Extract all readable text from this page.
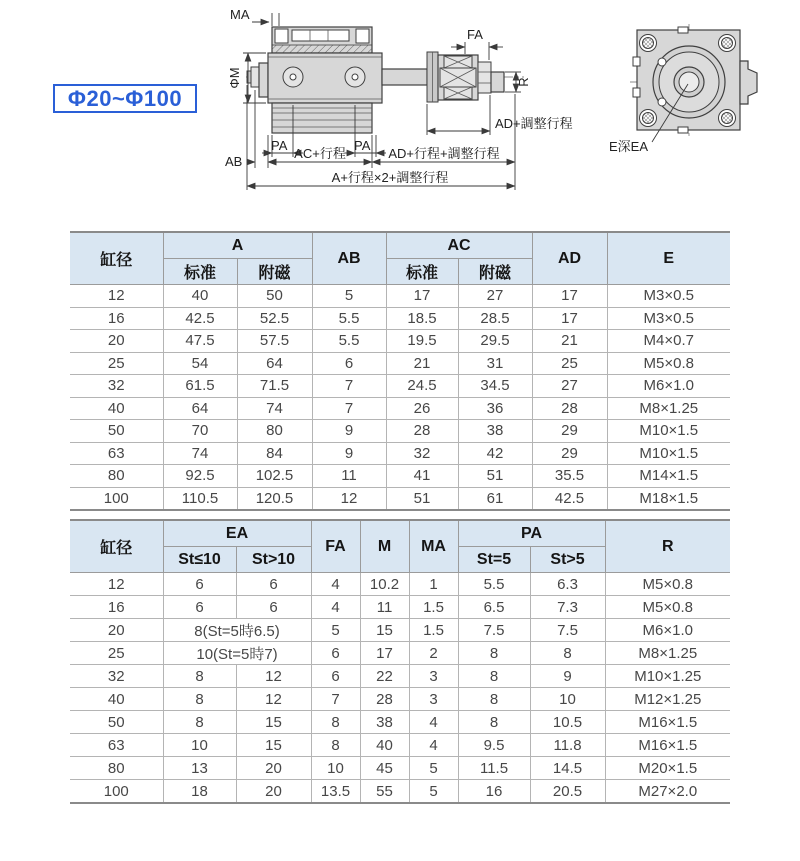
Φ20~Φ100
MA
ΦM
FA
R
AD+調整行程
PA	PA
AB
AC+行程	AD+行程+調整行程
A+行程×2+調整行程
E深EA
缸径	A		AB	AC		AD	E
	标准	附磁		标准	附磁		
12	40	50	5	17	27	17	M3×0.5
16	42.5	52.5	5.5	18.5	28.5	17	M3×0.5
20	47.5	57.5	5.5	19.5	29.5	21	M4×0.7
25	54	64	6	21	31	25	M5×0.8
32	61.5	71.5	7	24.5	34.5	27	M6×1.0
40	64	74	7	26	36	28	M8×1.25
50	70	80	9	28	38	29	M10×1.5
63	74	84	9	32	42	29	M10×1.5
80	92.5	102.5	11	41	51	35.5	M14×1.5
100	110.5	120.5	12	51	61	42.5	M18×1.5
缸径	EA		FA	M	MA	PA		R
	St≤10	St>10				St=5	St>5	
12	6	6	4	10.2	1	5.5	6.3	M5×0.8
16	6	6	4	11	1.5	6.5	7.3	M5×0.8
20	8(St=5時6.5)		5	15	1.5	7.5	7.5	M6×1.0
25	10(St=5時7)		6	17	2	8	8	M8×1.25
32	8	12	6	22	3	8	9	M10×1.25
40	8	12	7	28	3	8	10	M12×1.25
50	8	15	8	38	4	8	10.5	M16×1.5
63	10	15	8	40	4	9.5	11.8	M16×1.5
80	13	20	10	45	5	11.5	14.5	M20×1.5
100	18	20	13.5	55	5	16	20.5	M27×2.0
